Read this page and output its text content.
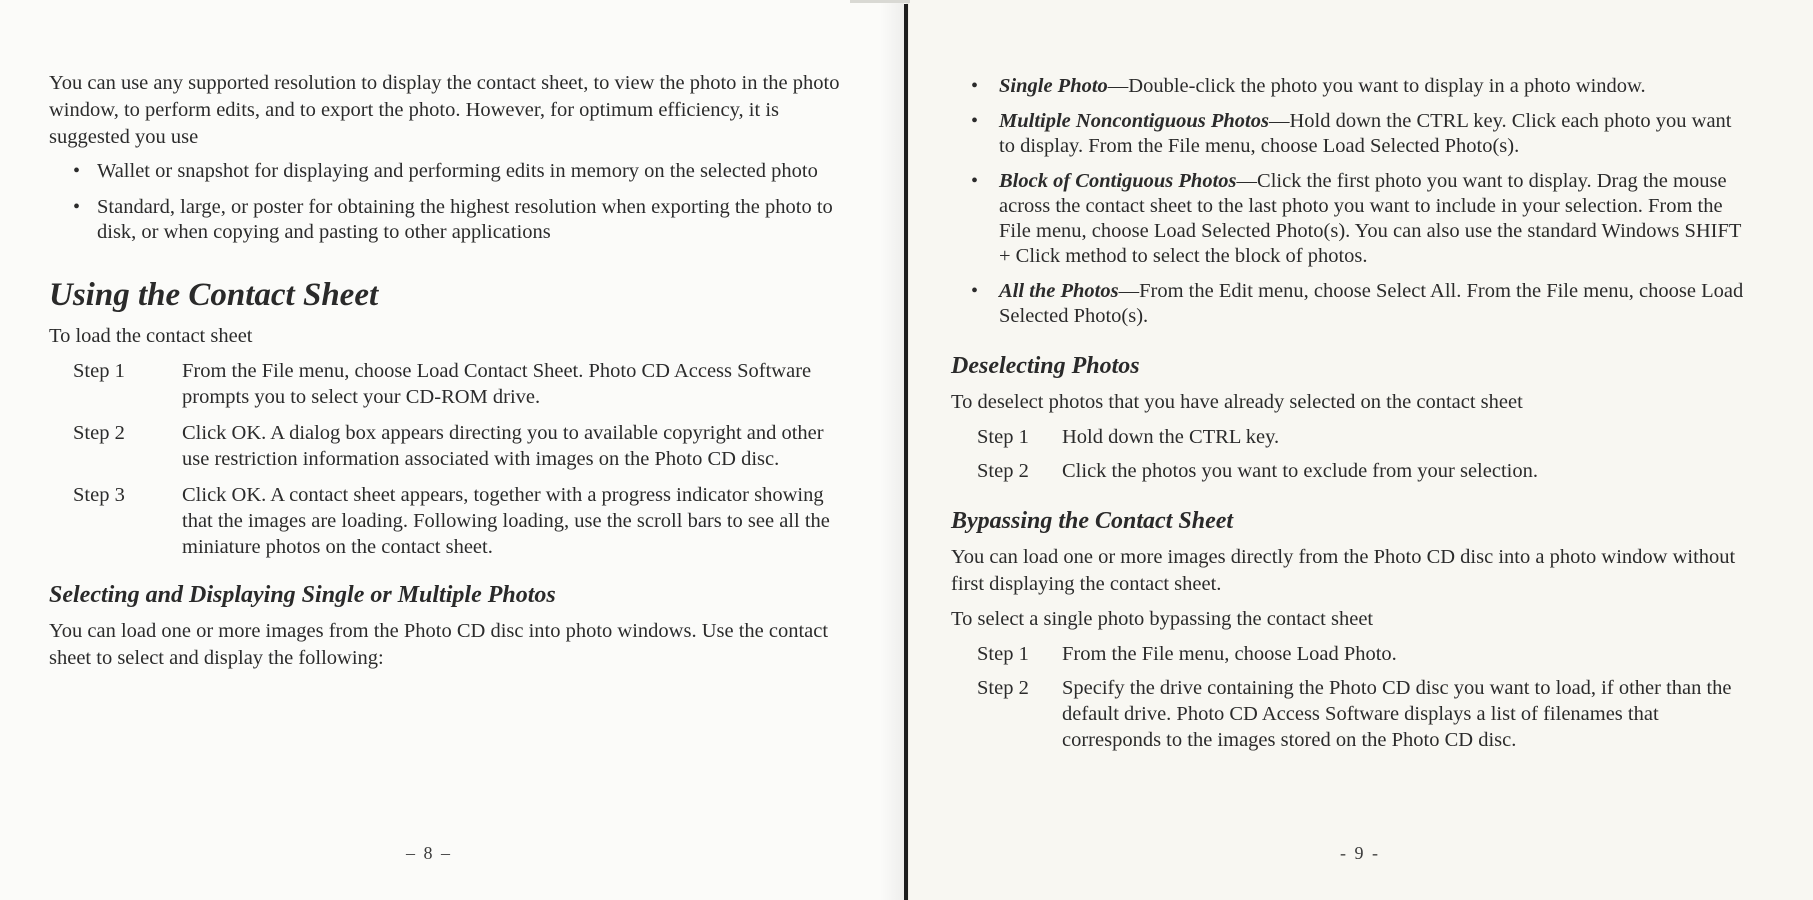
You can use any supported resolution to display the contact sheet, to view the photo in the photo window, to perform edits, and to export the photo. However, for optimum efficiency, it is suggested you use

• Wallet or snapshot for displaying and performing edits in memory on the selected photo
• Standard, large, or poster for obtaining the highest resolution when exporting the photo to disk, or when copying and pasting to other applications
Using the Contact Sheet

To load the contact sheet

Step 1	From the File menu, choose Load Contact Sheet. Photo CD Access Software prompts you to select your CD-ROM drive.
Step 2	Click OK. A dialog box appears directing you to available copyright and other use restriction information associated with images on the Photo CD disc.
Step 3	Click OK. A contact sheet appears, together with a progress indicator showing that the images are loading. Following loading, use the scroll bars to see all the miniature photos on the contact sheet.
Selecting and Displaying Single or Multiple Photos

You can load one or more images from the Photo CD disc into photo windows. Use the contact sheet to select and display the following:

– 8 –
• Single Photo—Double-click the photo you want to display in a photo window.
• Multiple Noncontiguous Photos—Hold down the CTRL key. Click each photo you want to display. From the File menu, choose Load Selected Photo(s).
• Block of Contiguous Photos—Click the first photo you want to display. Drag the mouse across the contact sheet to the last photo you want to include in your selection. From the File menu, choose Load Selected Photo(s). You can also use the standard Windows SHIFT + Click method to select the block of photos.
• All the Photos—From the Edit menu, choose Select All. From the File menu, choose Load Selected Photo(s).
Deselecting Photos

To deselect photos that you have already selected on the contact sheet

Step 1	Hold down the CTRL key.
Step 2	Click the photos you want to exclude from your selection.
Bypassing the Contact Sheet

You can load one or more images directly from the Photo CD disc into a photo window without first displaying the contact sheet.

To select a single photo bypassing the contact sheet

Step 1	From the File menu, choose Load Photo.
Step 2	Specify the drive containing the Photo CD disc you want to load, if other than the default drive. Photo CD Access Software displays a list of filenames that corresponds to the images stored on the Photo CD disc.
- 9 -
